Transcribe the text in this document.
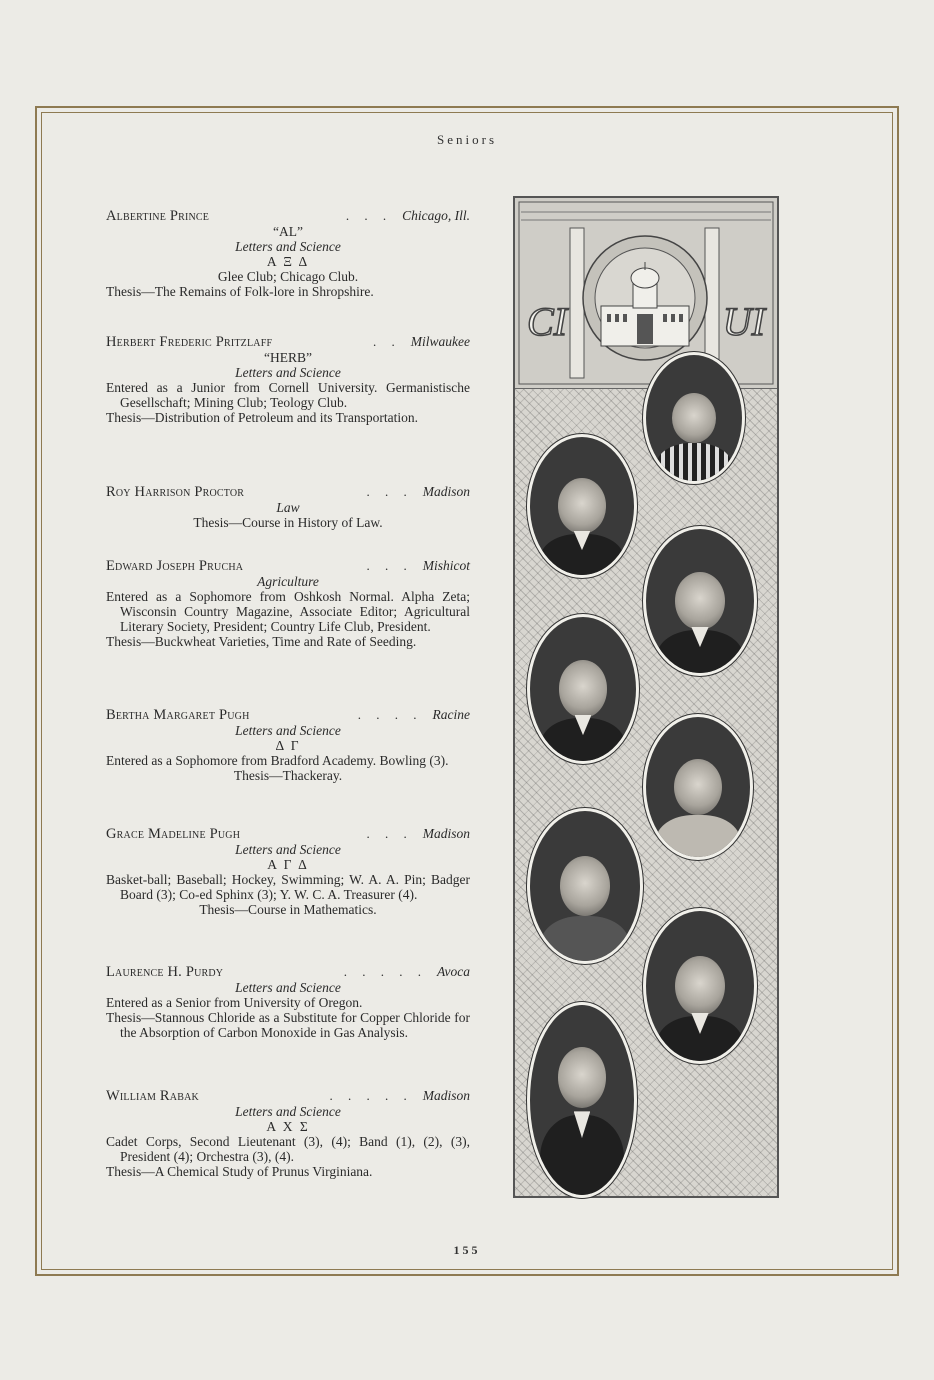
Seniors
Albertine Prince	. . . Chicago, Ill.
“AL”
Letters and Science
Α Ξ Δ
Glee Club; Chicago Club.
Thesis—The Remains of Folk-lore in Shropshire.
Herbert Frederic Pritzlaff	. . Milwaukee
“HERB”
Letters and Science
Entered as a Junior from Cornell University. Germanistische Gesellschaft; Mining Club; Teology Club.
Thesis—Distribution of Petroleum and its Transportation.
Roy Harrison Proctor	. . . Madison
Law
Thesis—Course in History of Law.
Edward Joseph Prucha	. . . Mishicot
Agriculture
Entered as a Sophomore from Oshkosh Normal. Alpha Zeta; Wisconsin Country Magazine, Associate Editor; Agricultural Literary Society, President; Country Life Club, President.
Thesis—Buckwheat Varieties, Time and Rate of Seeding.
Bertha Margaret Pugh	. . . . Racine
Letters and Science
Δ Γ
Entered as a Sophomore from Bradford Academy. Bowling (3).
Thesis—Thackeray.
Grace Madeline Pugh	. . . Madison
Letters and Science
Α Γ Δ
Basket-ball; Baseball; Hockey, Swimming; W. A. A. Pin; Badger Board (3); Co-ed Sphinx (3); Y. W. C. A. Treasurer (4).
Thesis—Course in Mathematics.
Laurence H. Purdy	. . . . . Avoca
Letters and Science
Entered as a Senior from University of Oregon.
Thesis—Stannous Chloride as a Substitute for Copper Chloride for the Absorption of Carbon Monoxide in Gas Analysis.
William Rabak	. . . . . Madison
Letters and Science
Α Χ Σ
Cadet Corps, Second Lieutenant (3), (4); Band (1), (2), (3), President (4); Orchestra (3), (4).
Thesis—A Chemical Study of Prunus Virginiana.
CI	UI
155
